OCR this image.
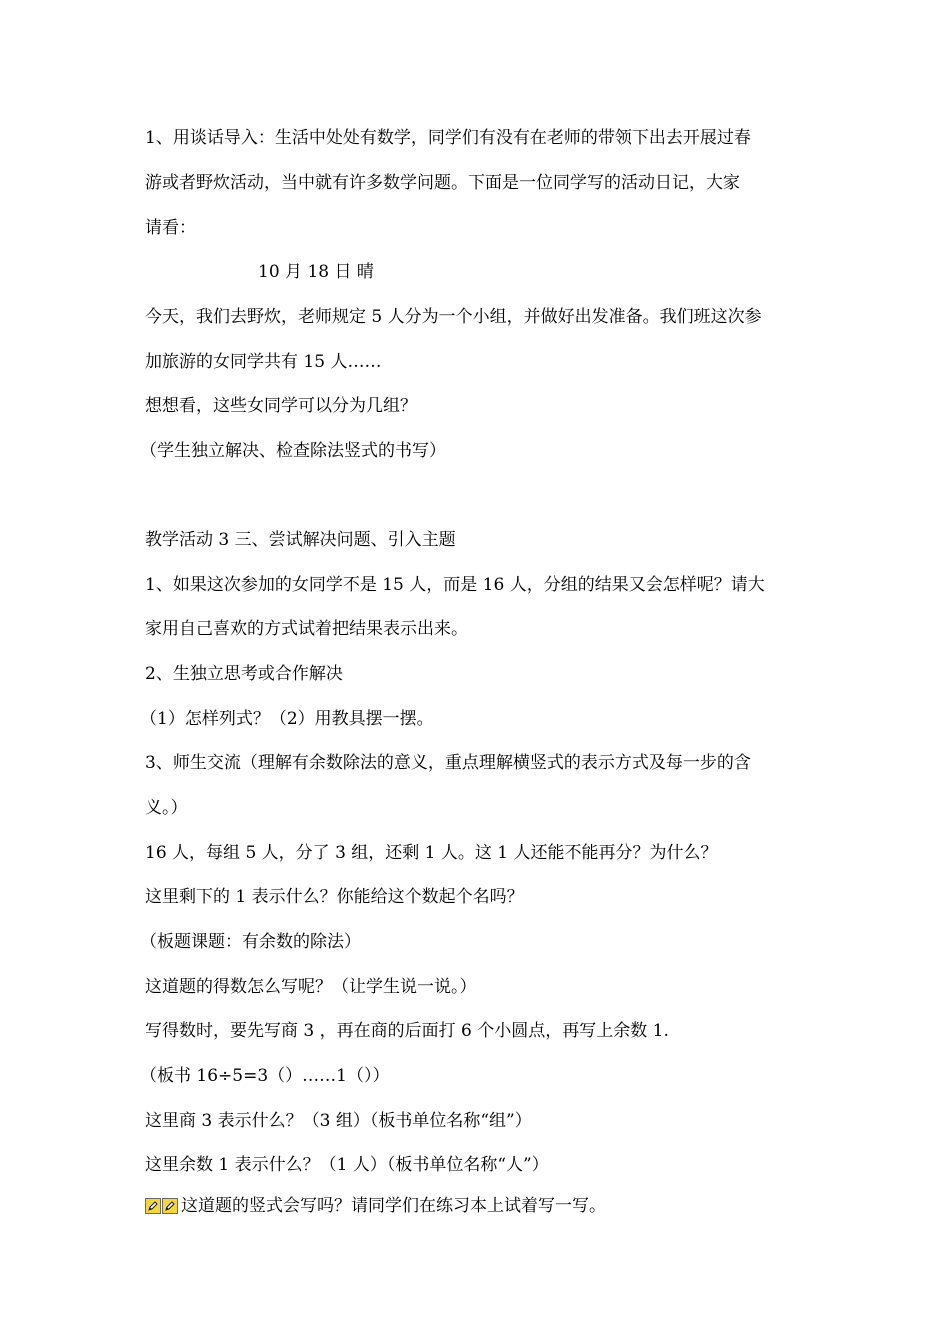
1、用谈话导入：生活中处处有数学，同学们有没有在老师的带领下出去开展过春
游或者野炊活动，当中就有许多数学问题。下面是一位同学写的活动日记，大家
请看：
10 月 18 日 晴
今天，我们去野炊，老师规定 5 人分为一个小组，并做好出发准备。我们班这次参
加旅游的女同学共有 15 人……
想想看，这些女同学可以分为几组？
（学生独立解决、检查除法竖式的书写）
教学活动 3 三、尝试解决问题、引入主题
1、如果这次参加的女同学不是 15 人，而是 16 人，分组的结果又会怎样呢？请大
家用自己喜欢的方式试着把结果表示出来。
2、生独立思考或合作解决
（1）怎样列式？（2）用教具摆一摆。
3、师生交流（理解有余数除法的意义，重点理解横竖式的表示方式及每一步的含
义。）
16 人，每组 5 人，分了 3 组，还剩 1 人。这 1 人还能不能再分？为什么？
这里剩下的 1 表示什么？你能给这个数起个名吗？
（板题课题：有余数的除法）
这道题的得数怎么写呢？（让学生说一说。）
写得数时，要先写商 3 ，再在商的后面打 6 个小圆点，再写上余数 1.
（板书 16÷5=3（）……1（））
这里商 3 表示什么？（3 组）（板书单位名称“组”）
这里余数 1 表示什么？（1 人）（板书单位名称“人”）
这道题的竖式会写吗？请同学们在练习本上试着写一写。
